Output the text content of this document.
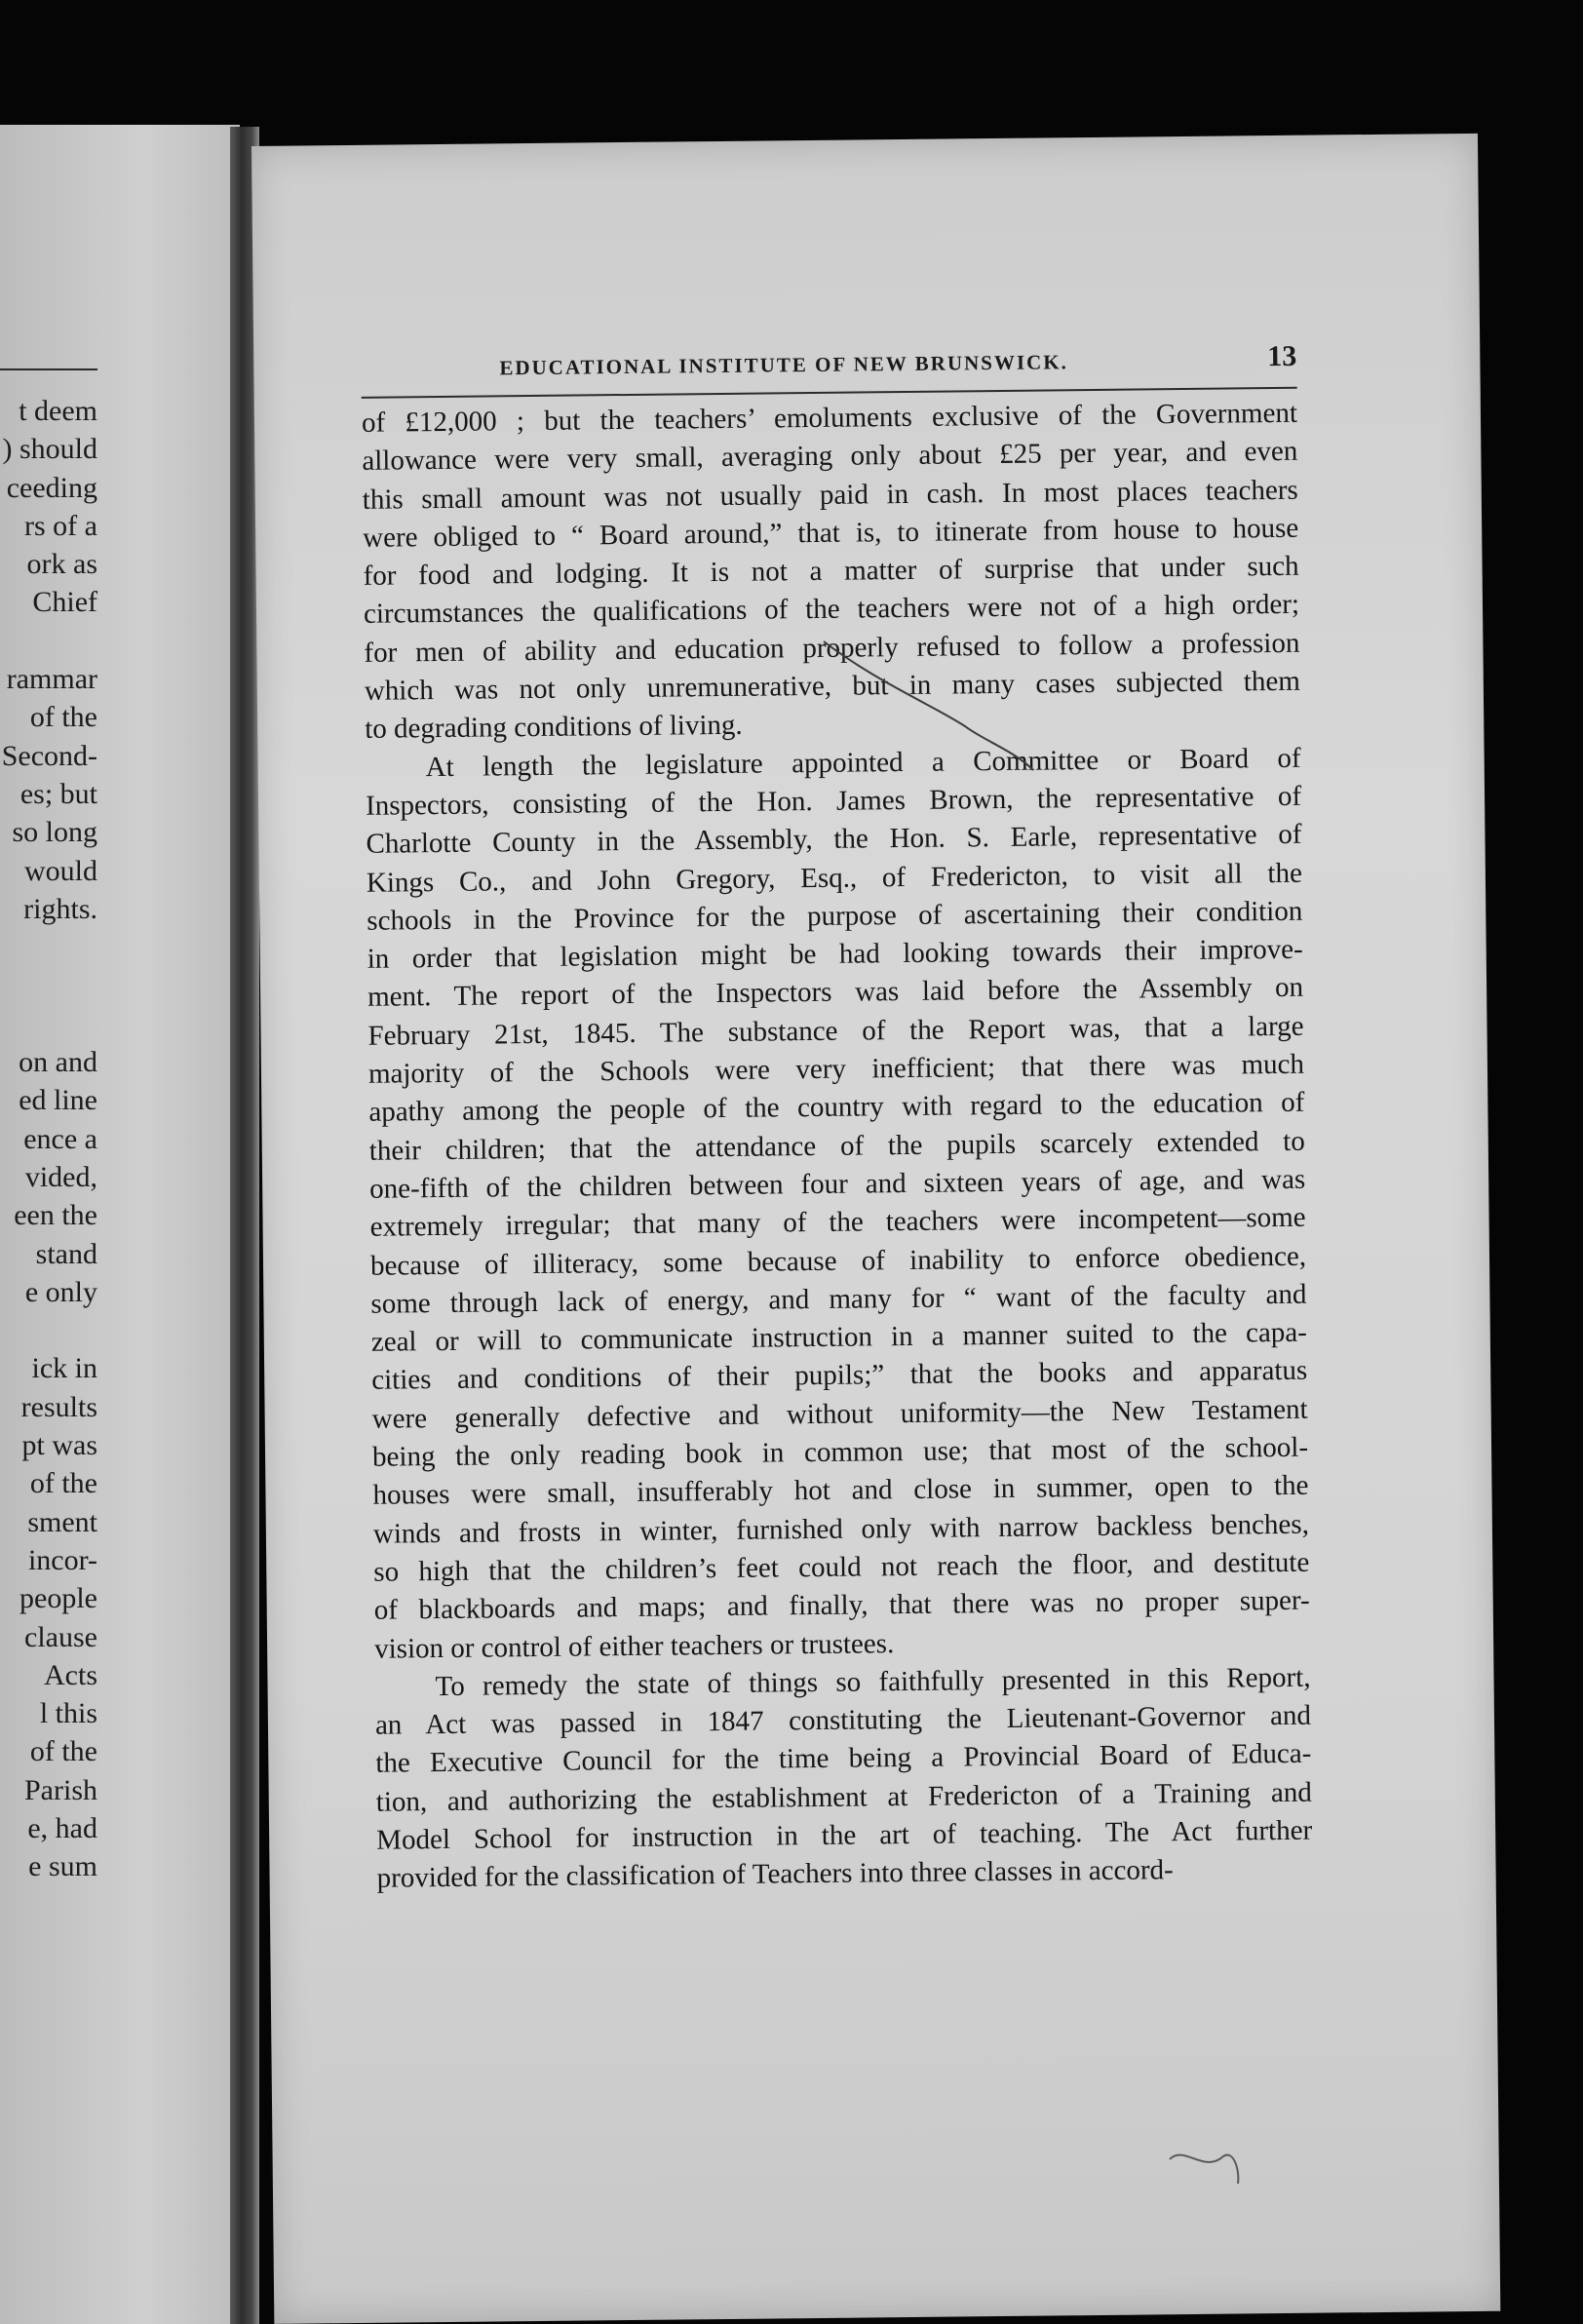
t deem
) should
ceeding
rs of a
ork as
Chief
rammar
of the
Second-
es; but
so long
would
rights.
on and
ed line
ence a
vided,
een the
stand
e only
ick in
results
pt was
of the
sment
incor-
people
clause
Acts
l this
of the
Parish
e, had
e sum
EDUCATIONAL INSTITUTE OF NEW BRUNSWICK.	13
of £12,000 ; but the teachers’ emoluments exclusive of the Government
allowance were very small, averaging only about £25 per year, and even
this small amount was not usually paid in cash. In most places teachers
were obliged to “ Board around,” that is, to itinerate from house to house
for food and lodging. It is not a matter of surprise that under such
circumstances the qualifications of the teachers were not of a high order;
for men of ability and education properly refused to follow a profession
which was not only unremunerative, but in many cases subjected them
to degrading conditions of living.
At length the legislature appointed a Committee or Board of
Inspectors, consisting of the Hon. James Brown, the representative of
Charlotte County in the Assembly, the Hon. S. Earle, representative of
Kings Co., and John Gregory, Esq., of Fredericton, to visit all the
schools in the Province for the purpose of ascertaining their condition
in order that legislation might be had looking towards their improve-
ment. The report of the Inspectors was laid before the Assembly on
February 21st, 1845. The substance of the Report was, that a large
majority of the Schools were very inefficient; that there was much
apathy among the people of the country with regard to the education of
their children; that the attendance of the pupils scarcely extended to
one-fifth of the children between four and sixteen years of age, and was
extremely irregular; that many of the teachers were incompetent—some
because of illiteracy, some because of inability to enforce obedience,
some through lack of energy, and many for “ want of the faculty and
zeal or will to communicate instruction in a manner suited to the capa-
cities and conditions of their pupils;” that the books and apparatus
were generally defective and without uniformity—the New Testament
being the only reading book in common use; that most of the school-
houses were small, insufferably hot and close in summer, open to the
winds and frosts in winter, furnished only with narrow backless benches,
so high that the children’s feet could not reach the floor, and destitute
of blackboards and maps; and finally, that there was no proper super-
vision or control of either teachers or trustees.
To remedy the state of things so faithfully presented in this Report,
an Act was passed in 1847 constituting the Lieutenant-Governor and
the Executive Council for the time being a Provincial Board of Educa-
tion, and authorizing the establishment at Fredericton of a Training and
Model School for instruction in the art of teaching. The Act further
provided for the classification of Teachers into three classes in accord-
